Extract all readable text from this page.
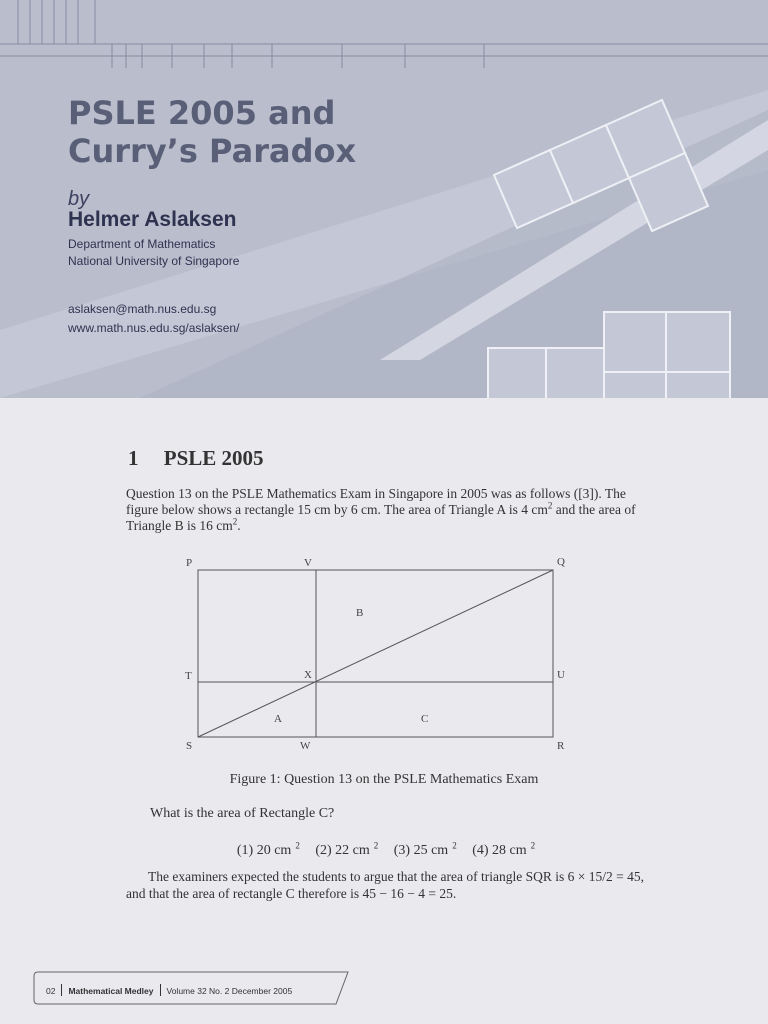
PSLE 2005 and Curry’s Paradox
by
Helmer Aslaksen
Department of Mathematics
National University of Singapore
aslaksen@math.nus.edu.sg
www.math.nus.edu.sg/aslaksen/
1 PSLE 2005
Question 13 on the PSLE Mathematics Exam in Singapore in 2005 was as follows ([3]). The figure below shows a rectangle 15 cm by 6 cm. The area of Triangle A is 4 $cm^2$ and the area of Triangle B is 16 $cm^2$.
P	V	Q
T	X	U
S	W	R
A
B
C
Figure 1: Question 13 on the PSLE Mathematics Exam
What is the area of Rectangle C?
(1) 20 cm $^2$ (2) 22 cm $^2$ (3) 25 cm $^2$ (4) 28 cm $^2$
The examiners expected the students to argue that the area of triangle SQR is 6 × 15/2 = 45, and that the area of rectangle C therefore is 45 − 16 − 4 = 25.
02 Mathematical Medley Volume 32 No. 2 December 2005
